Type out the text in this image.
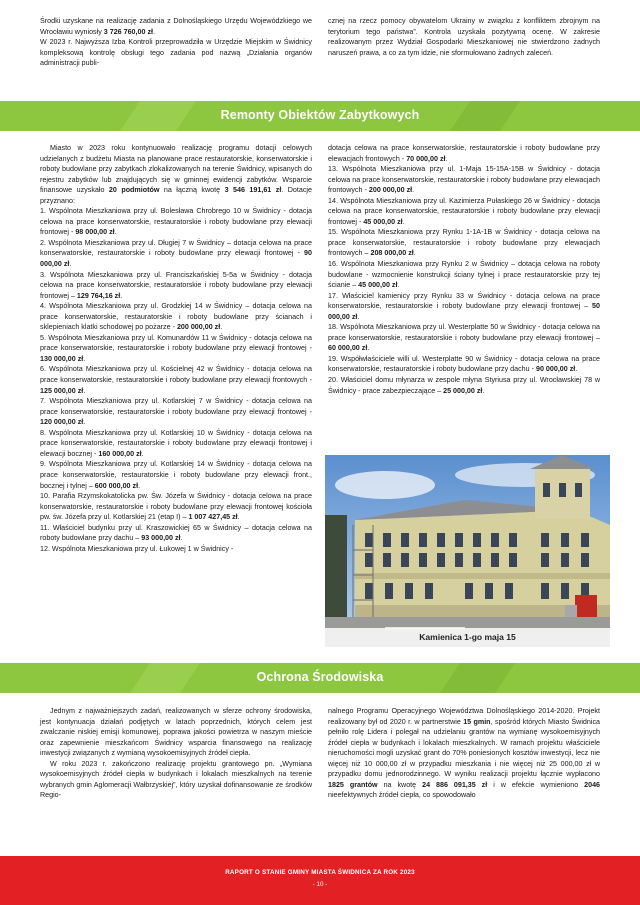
Środki uzyskane na realizację zadania z Dolnośląskiego Urzędu Wojewódzkiego we Wrocławiu wyniosły 3 726 760,00 zł.

W 2023 r. Najwyższa Izba Kontroli przeprowadziła w Urzędzie Miejskim w Świdnicy kompleksową kontrolę obsługi tego zadania pod nazwą „Działania organów administracji publi-

cznej na rzecz pomocy obywatelom Ukrainy w związku z konfliktem zbrojnym na terytorium tego państwa”. Kontrola uzyskała pozytywną ocenę. W zakresie realizowanym przez Wydział Gospodarki Mieszkaniowej nie stwierdzono żadnych naruszeń prawa, a co za tym idzie, nie sformułowano żadnych zaleceń.

Remonty Obiektów Zabytkowych

Miasto w 2023 roku kontynuowało realizację programu dotacji celowych udzielanych z budżetu Miasta na planowane prace restauratorskie, konserwatorskie i roboty budowlane przy zabytkach zlokalizowanych na terenie Świdnicy, wpisanych do rejestru zabytków lub znajdujących się w gminnej ewidencji zabytków. Wsparcie finansowe uzyskało 20 podmiotów na łączną kwotę 3 546 191,61 zł. Dotacje przyznano:

1. Wspólnota Mieszkaniowa przy ul. Bolesława Chrobrego 10 w Świdnicy - dotacja celowa na prace konserwatorskie, restauratorskie i roboty budowlane przy elewacji frontowej - 98 000,00 zł.

2. Wspólnota Mieszkaniowa przy ul. Długiej 7 w Świdnicy – dotacja celowa na prace konserwatorskie, restauratorskie i roboty budowlane przy elewacji frontowej - 90 000,00 zł.

3. Wspólnota Mieszkaniowa przy ul. Franciszkańskiej 5-5a w Świdnicy - dotacja celowa na prace konserwatorskie, restauratorskie i roboty budowlane przy elewacji frontowej – 129 764,16 zł.

4. Wspólnota Mieszkaniowa przy ul. Grodzkiej 14 w Świdnicy – dotacja celowa na prace konserwatorskie, restauratorskie i roboty budowlane przy ścianach i sklepieniach klatki schodowej po pożarze - 200 000,00 zł.

5. Wspólnota Mieszkaniowa przy ul. Komunardów 11 w Świdnicy - dotacja celowa na prace konserwatorskie, restauratorskie i roboty budowlane przy elewacji frontowej - 130 000,00 zł.

6. Wspólnota Mieszkaniowa przy ul. Kościelnej 42 w Świdnicy - dotacja celowa na prace konserwatorskie, restauratorskie i roboty budowlane przy elewacji frontowych - 125 000,00 zł.

7. Wspólnota Mieszkaniowa przy ul. Kotlarskiej 7 w Świdnicy - dotacja celowa na prace konserwatorskie, restauratorskie i roboty budowlane przy elewacji frontowej - 120 000,00 zł.

8. Wspólnota Mieszkaniowa przy ul. Kotlarskiej 10 w Świdnicy - dotacja celowa na prace konserwatorskie, restauratorskie i roboty budowlane przy elewacji frontowej i elewacji bocznej - 160 000,00 zł.

9. Wspólnota Mieszkaniowa przy ul. Kotlarskiej 14 w Świdnicy - dotacja celowa na prace konserwatorskie, restauratorskie i roboty budowlane przy elewacji front., bocznej i tylnej – 600 000,00 zł.

10. Parafia Rzymskokatolicka pw. Św. Józefa w Świdnicy - dotacja celowa na prace konserwatorskie, restauratorskie i roboty budowlane przy elewacji frontowej kościoła pw. św. Józefa przy ul. Kotlarskiej 21 (etap I) – 1 007 427,45 zł.

11. Właściciel budynku przy ul. Kraszowickiej 65 w Świdnicy – dotacja celowa na roboty budowlane przy dachu – 93 000,00 zł.

12. Wspólnota Mieszkaniowa przy ul. Łukowej 1 w Świdnicy -

dotacja celowa na prace konserwatorskie, restauratorskie i roboty budowlane przy elewacjach frontowych - 70 000,00 zł.

13. Wspólnota Mieszkaniowa przy ul. 1-Maja 15-15A-15B w Świdnicy - dotacja celowa na prace konserwatorskie, restauratorskie i roboty budowlane przy elewacjach frontowych - 200 000,00 zł.

14. Wspólnota Mieszkaniowa przy ul. Kazimierza Pułaskiego 26 w Świdnicy - dotacja celowa na prace konserwatorskie, restauratorskie i roboty budowlane przy elewacji frontowej - 45 000,00 zł.

15. Wspólnota Mieszkaniowa przy Rynku 1-1A-1B w Świdnicy - dotacja celowa na prace konserwatorskie, restauratorskie i roboty budowlane przy elewacjach frontowych – 208 000,00 zł.

16. Wspólnota Mieszkaniowa przy Rynku 2 w Świdnicy – dotacja celowa na roboty budowlane - wzmocnienie konstrukcji ściany tylnej i prace restauratorskie przy tej ścianie – 45 000,00 zł.

17. Właściciel kamienicy przy Rynku 33 w Świdnicy - dotacja celowa na prace konserwatorskie, restauratorskie i roboty budowlane przy elewacji frontowej – 50 000,00 zł.

18. Wspólnota Mieszkaniowa przy ul. Westerplatte 50 w Świdnicy - dotacja celowa na prace konserwatorskie, restauratorskie i roboty budowlane przy elewacji frontowej – 60 000,00 zł.

19. Współwłaściciele willi ul. Westerplatte 90 w Świdnicy - dotacja celowa na prace konserwatorskie, restauratorskie i roboty budowlane przy dachu - 90 000,00 zł.

20. Właściciel domu młynarza w zespole młyna Styriusa przy ul. Wrocławskiej 78 w Świdnicy - prace zabezpieczające – 25 000,00 zł.

Kamienica 1-go maja 15
Ochrona Środowiska

Jednym z najważniejszych zadań, realizowanych w sferze ochrony środowiska, jest kontynuacja działań podjętych w latach poprzednich, których celem jest zwalczanie niskiej emisji komunowej, poprawa jakości powietrza w naszym mieście oraz zapewnienie mieszkańcom Świdnicy wsparcia finansowego na realizację inwestycji związanych z wymianą wysokoemisyjnych źródeł ciepła.

W roku 2023 r. zakończono realizację projektu grantowego pn. „Wymiana wysokoemisyjnych źródeł ciepła w budynkach i lokalach mieszkalnych na terenie wybranych gmin Aglomeracji Wałbrzyskiej”, który uzyskał dofinansowanie ze środków Regio-

nalnego Programu Operacyjnego Województwa Dolnośląskiego 2014-2020. Projekt realizowany był od 2020 r. w partnerstwie 15 gmin, spośród których Miasto Świdnica pełniło rolę Lidera i polegał na udzielaniu grantów na wymianę wysokoemisyjnych źródeł ciepła w budynkach i lokalach mieszkalnych. W ramach projektu właściciele nieruchomości mogli uzyskać grant do 70% poniesionych kosztów inwestycji, lecz nie więcej niż 10 000,00 zł w przypadku mieszkania i nie więcej niż 25 000,00 zł w przypadku domu jednorodzinnego. W wyniku realizacji projektu łącznie wypłacono 1825 grantów na kwotę 24 886 091,35 zł i w efekcie wymieniono 2046 nieefektywnych źródeł ciepła, co spowodowało

RAPORT O STANIE GMINY MIASTA ŚWIDNICA ZA ROK 2023
- 10 -
